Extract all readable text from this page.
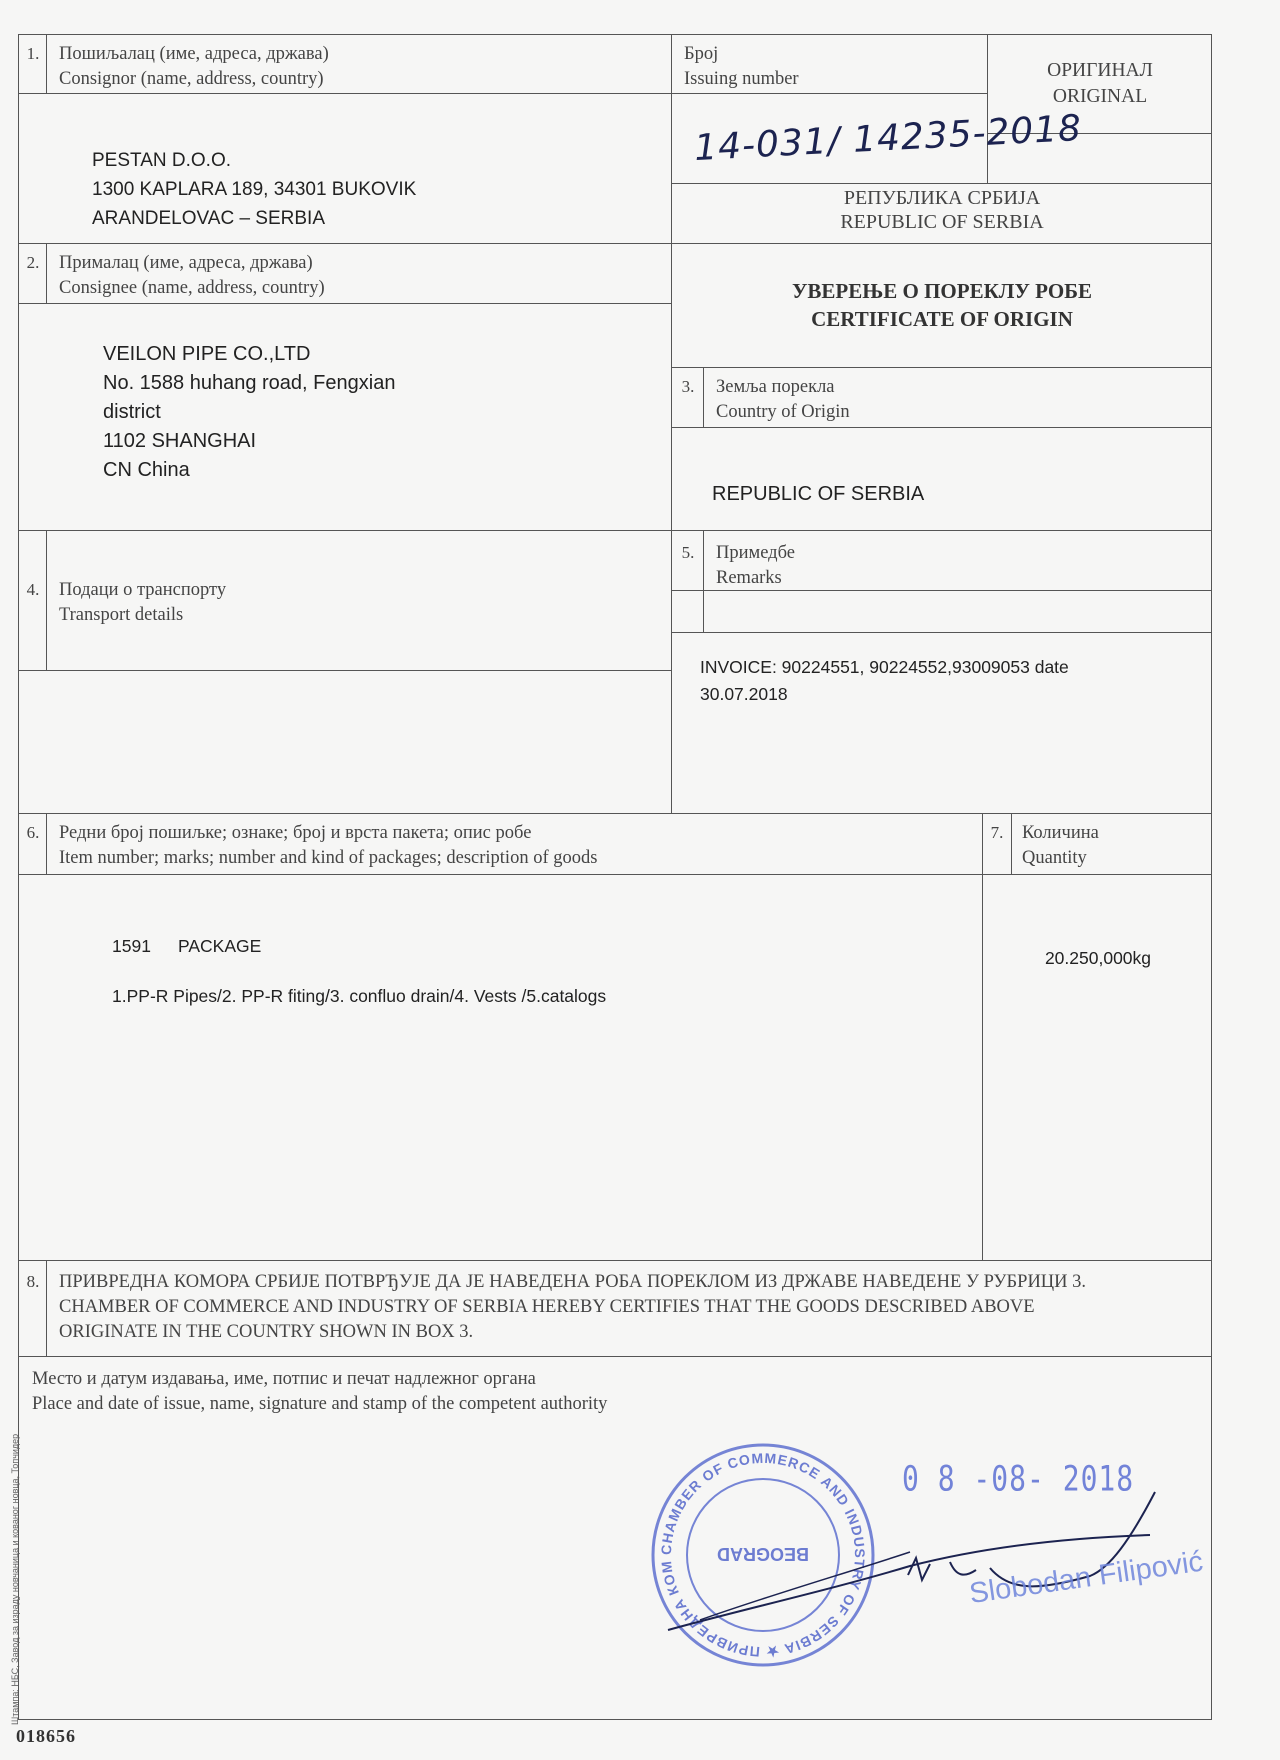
1. Пошиљалац (име, адреса, држава)
Consignor (name, address, country)
PESTAN D.O.O.
1300 KAPLARA 189, 34301 BUKOVIK
ARANDELOVAC – SERBIA
Број
Issuing number
14-031/ 14235-2018
ОРИГИНАЛ
ORIGINAL
РЕПУБЛИКА СРБИЈА
REPUBLIC OF SERBIA
2. Прималац (име, адреса, држава)
Consignee (name, address, country)
VEILON PIPE CO.,LTD
No. 1588 huhang road, Fengxian
district
1102 SHANGHAI
CN China
УВЕРЕЊЕ О ПОРЕКЛУ РОБЕ
CERTIFICATE OF ORIGIN
3.	Земља порекла
Country of Origin
REPUBLIC OF SERBIA
4. Подаци о транспорту
Transport details
5.	Примедбе
Remarks
INVOICE: 90224551, 90224552,93009053 date
30.07.2018
6. Редни број пошиљке; ознаке; број и врста пакета; опис робе
Item number; marks; number and kind of packages; description of goods
1591 PACKAGE
1.PP-R Pipes/2. PP-R fiting/3. confluo drain/4. Vests /5.catalogs
7.	Количина
Quantity
20.250,000kg
8. ПРИВРЕДНА КОМОРА СРБИЈЕ ПОТВРЂУЈЕ ДА ЈЕ НАВЕДЕНА РОБА ПОРЕКЛОМ ИЗ ДРЖАВЕ НАВЕДЕНЕ У РУБРИЦИ 3.
CHAMBER OF COMMERCE AND INDUSTRY OF SERBIA HEREBY CERTIFIES THAT THE GOODS DESCRIBED ABOVE
ORIGINATE IN THE COUNTRY SHOWN IN BOX 3.
Место и датум издавања, име, потпис и печат надлежног органа
Place and date of issue, name, signature and stamp of the competent authority
CHAMBER OF COMMERCE AND INDUSTRY OF SERBIA ★ ПРИВРЕДНА КОМ
BEOGRAD
0 8 -08- 2018
Slobodan Filipović
Штампа: НБС, Завод за израду новчаница и кованог новца, Топчидер
018656
